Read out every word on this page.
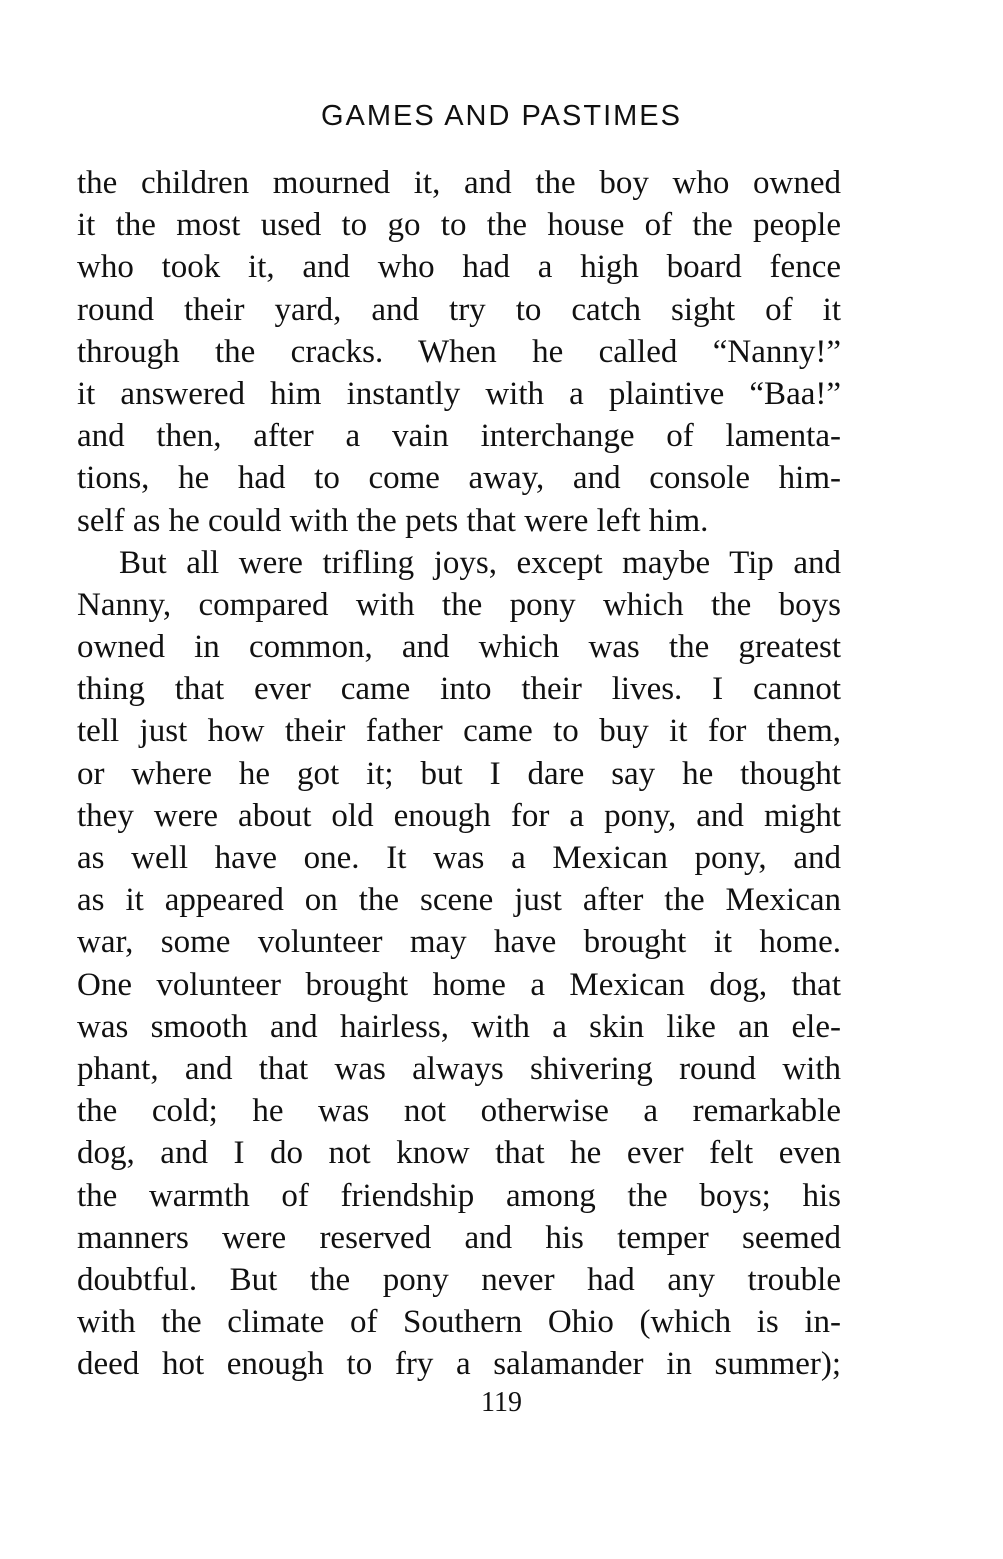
GAMES AND PASTIMES
the children mourned it, and the boy who owned
it the most used to go to the house of the people
who took it, and who had a high board fence
round their yard, and try to catch sight of it
through the cracks. When he called “Nanny!”
it answered him instantly with a plaintive “Baa!”
and then, after a vain interchange of lamenta-
tions, he had to come away, and console him-
self as he could with the pets that were left him.
But all were trifling joys, except maybe Tip and
Nanny, compared with the pony which the boys
owned in common, and which was the greatest
thing that ever came into their lives. I cannot
tell just how their father came to buy it for them,
or where he got it; but I dare say he thought
they were about old enough for a pony, and might
as well have one. It was a Mexican pony, and
as it appeared on the scene just after the Mexican
war, some volunteer may have brought it home.
One volunteer brought home a Mexican dog, that
was smooth and hairless, with a skin like an ele-
phant, and that was always shivering round with
the cold; he was not otherwise a remarkable
dog, and I do not know that he ever felt even
the warmth of friendship among the boys; his
manners were reserved and his temper seemed
doubtful. But the pony never had any trouble
with the climate of Southern Ohio (which is in-
deed hot enough to fry a salamander in summer);
119
